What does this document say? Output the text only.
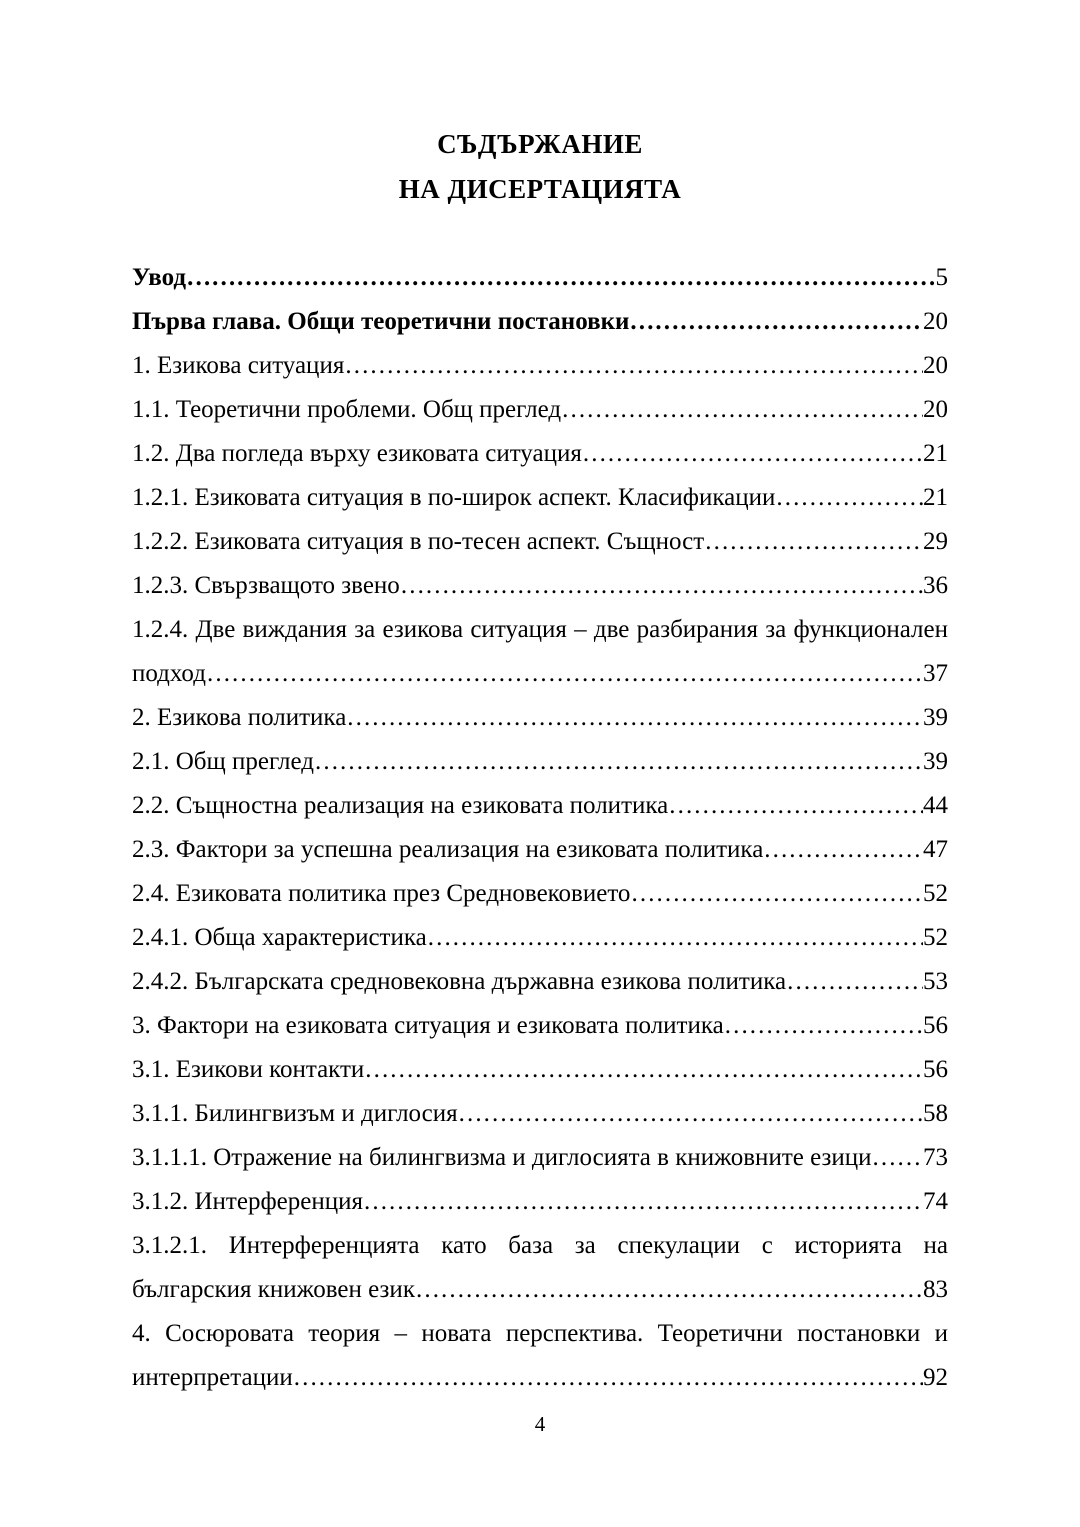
СЪДЪРЖАНИЕ
НА ДИСЕРТАЦИЯТА
Увод ………………………………………………………………………………………………………………………………………………	5
Първа глава. Общи теоретични постановки ………………………………………………………………………………………………………………………………………………	20
1. Езикова ситуация ………………………………………………………………………………………………………………………………………………	20
1.1. Теоретични проблеми. Общ преглед ………………………………………………………………………………………………………………………………………………	20
1.2. Два погледа върху езиковата ситуация ………………………………………………………………………………………………………………………………………………	21
1.2.1. Езиковата ситуация в по-широк аспект. Класификации ………………………………………………………………………………………………………………………………………………	21
1.2.2. Езиковата ситуация в по-тесен аспект. Същност ………………………………………………………………………………………………………………………………………………	29
1.2.3. Свързващото звено ………………………………………………………………………………………………………………………………………………	36
1.2.4. Две виждания за езикова ситуация – две разбирания за функционален
подход ………………………………………………………………………………………………………………………………………………	37
2. Езикова политика ………………………………………………………………………………………………………………………………………………	39
2.1. Общ преглед ………………………………………………………………………………………………………………………………………………	39
2.2. Същностна реализация на езиковата политика ………………………………………………………………………………………………………………………………………………	44
2.3. Фактори за успешна реализация на езиковата политика ………………………………………………………………………………………………………………………………………………	47
2.4. Езиковата политика през Средновековието ………………………………………………………………………………………………………………………………………………	52
2.4.1. Обща характеристика ………………………………………………………………………………………………………………………………………………	52
2.4.2. Българската средновековна държавна езикова политика ………………………………………………………………………………………………………………………………………………	53
3. Фактори на езиковата ситуация и езиковата политика ………………………………………………………………………………………………………………………………………………	56
3.1. Езикови контакти ………………………………………………………………………………………………………………………………………………	56
3.1.1. Билингвизъм и диглосия ………………………………………………………………………………………………………………………………………………	58
3.1.1.1. Отражение на билингвизма и диглосията в книжовните езици ……………………………………………………………………………………………………………………………………………… 73
3.1.2. Интерференция ………………………………………………………………………………………………………………………………………………	74
3.1.2.1. Интерференцията като база за спекулации с историята на
българския книжовен език ………………………………………………………………………………………………………………………………………………	83
4. Сосюровата теория – новата перспектива. Теоретични постановки и
интерпретации ………………………………………………………………………………………………………………………………………………	92
4
